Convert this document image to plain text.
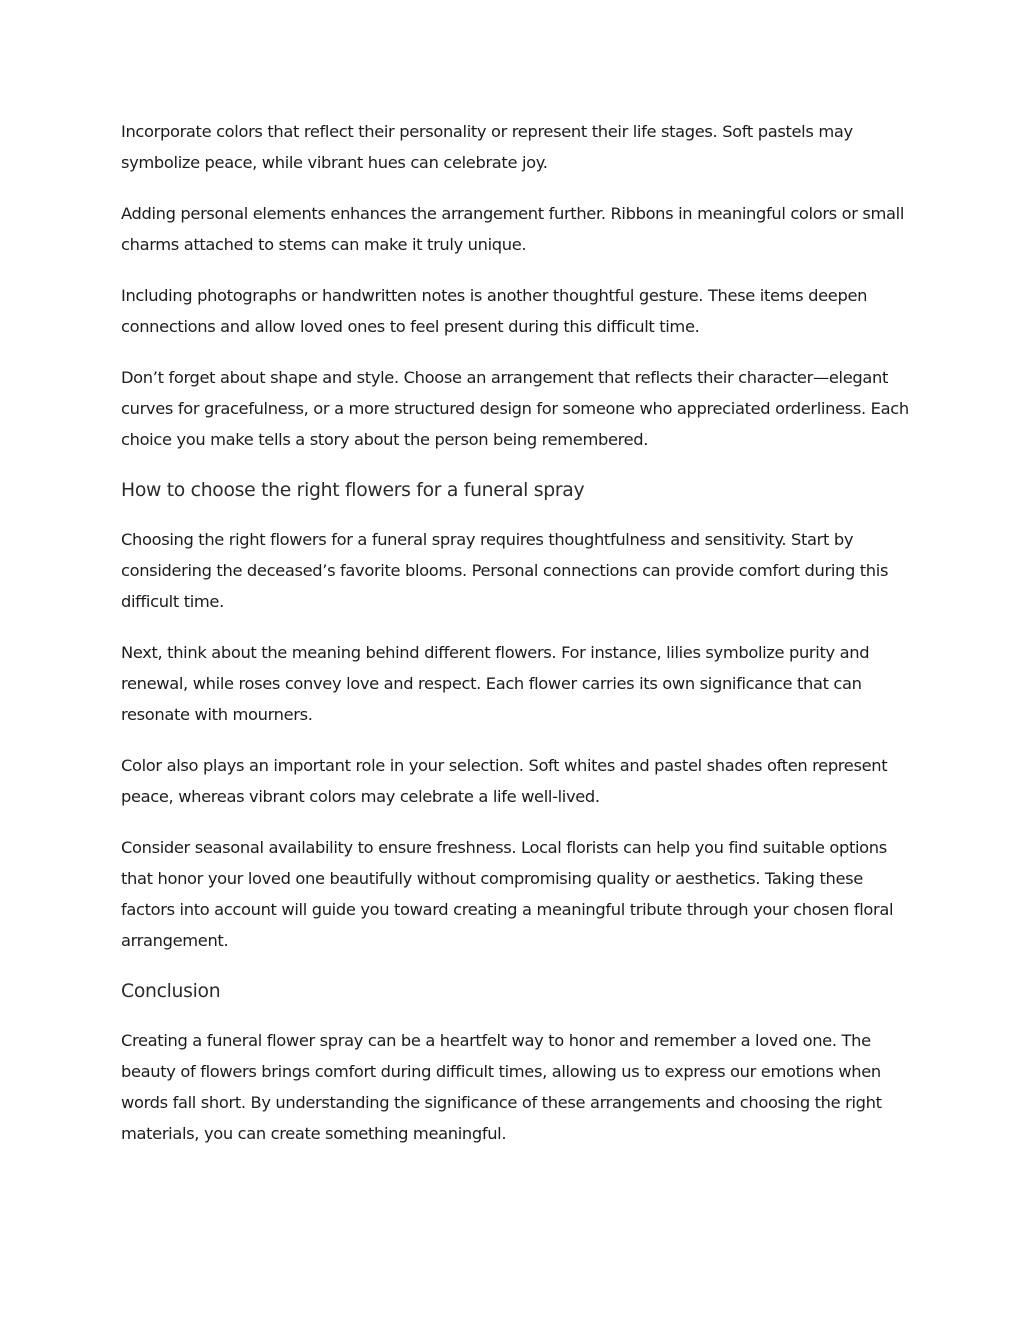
Incorporate colors that reflect their personality or represent their life stages. Soft pastels may symbolize peace, while vibrant hues can celebrate joy.

Adding personal elements enhances the arrangement further. Ribbons in meaningful colors or small charms attached to stems can make it truly unique.

Including photographs or handwritten notes is another thoughtful gesture. These items deepen connections and allow loved ones to feel present during this difficult time.

Don’t forget about shape and style. Choose an arrangement that reflects their character—elegant curves for gracefulness, or a more structured design for someone who appreciated orderliness. Each choice you make tells a story about the person being remembered.

How to choose the right flowers for a funeral spray

Choosing the right flowers for a funeral spray requires thoughtfulness and sensitivity. Start by considering the deceased’s favorite blooms. Personal connections can provide comfort during this difficult time.

Next, think about the meaning behind different flowers. For instance, lilies symbolize purity and renewal, while roses convey love and respect. Each flower carries its own significance that can resonate with mourners.

Color also plays an important role in your selection. Soft whites and pastel shades often represent peace, whereas vibrant colors may celebrate a life well-lived.

Consider seasonal availability to ensure freshness. Local florists can help you find suitable options that honor your loved one beautifully without compromising quality or aesthetics. Taking these factors into account will guide you toward creating a meaningful tribute through your chosen floral arrangement.

Conclusion

Creating a funeral flower spray can be a heartfelt way to honor and remember a loved one. The beauty of flowers brings comfort during difficult times, allowing us to express our emotions when words fall short. By understanding the significance of these arrangements and choosing the right materials, you can create something meaningful.
